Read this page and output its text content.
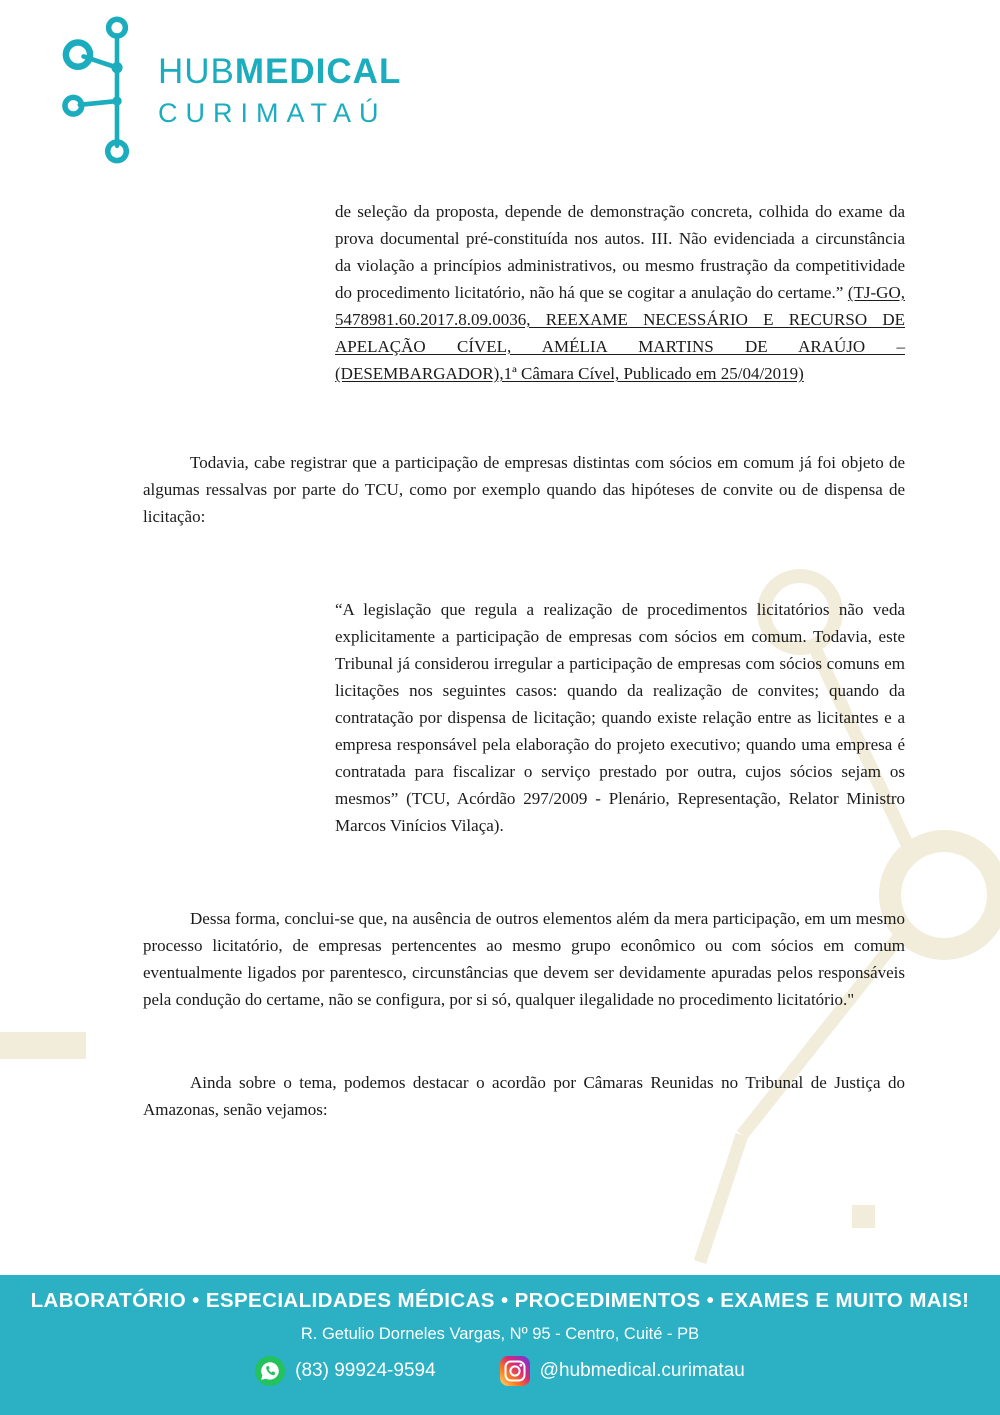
HUBMEDICAL
CURIMATAÚ

de seleção da proposta, depende de demonstração concreta, colhida do exame da prova documental pré-constituída nos autos. III. Não evidenciada a circunstância da violação a princípios administrativos, ou mesmo frustração da competitividade do procedimento licitatório, não há que se cogitar a anulação do certame.” (TJ-GO, 5478981.60.2017.8.09.0036, REEXAME NECESSÁRIO E RECURSO DE APELAÇÃO CÍVEL, AMÉLIA MARTINS DE ARAÚJO – (DESEMBARGADOR),1ª Câmara Cível, Publicado em 25/04/2019)

Todavia, cabe registrar que a participação de empresas distintas com sócios em comum já foi objeto de algumas ressalvas por parte do TCU, como por exemplo quando das hipóteses de convite ou de dispensa de licitação:

“A legislação que regula a realização de procedimentos licitatórios não veda explicitamente a participação de empresas com sócios em comum. Todavia, este Tribunal já considerou irregular a participação de empresas com sócios comuns em licitações nos seguintes casos: quando da realização de convites; quando da contratação por dispensa de licitação; quando existe relação entre as licitantes e a empresa responsável pela elaboração do projeto executivo; quando uma empresa é contratada para fiscalizar o serviço prestado por outra, cujos sócios sejam os mesmos” (TCU, Acórdão 297/2009 - Plenário, Representação, Relator Ministro Marcos Vinícios Vilaça).

Dessa forma, conclui-se que, na ausência de outros elementos além da mera participação, em um mesmo processo licitatório, de empresas pertencentes ao mesmo grupo econômico ou com sócios em comum eventualmente ligados por parentesco, circunstâncias que devem ser devidamente apuradas pelos responsáveis pela condução do certame, não se configura, por si só, qualquer ilegalidade no procedimento licitatório."

Ainda sobre o tema, podemos destacar o acordão por Câmaras Reunidas no Tribunal de Justiça do Amazonas, senão vejamos:

LABORATÓRIO • ESPECIALIDADES MÉDICAS • PROCEDIMENTOS • EXAMES E MUITO MAIS!
R. Getulio Dorneles Vargas, Nº 95 - Centro, Cuité - PB
(83) 99924-9594	@hubmedical.curimatau
